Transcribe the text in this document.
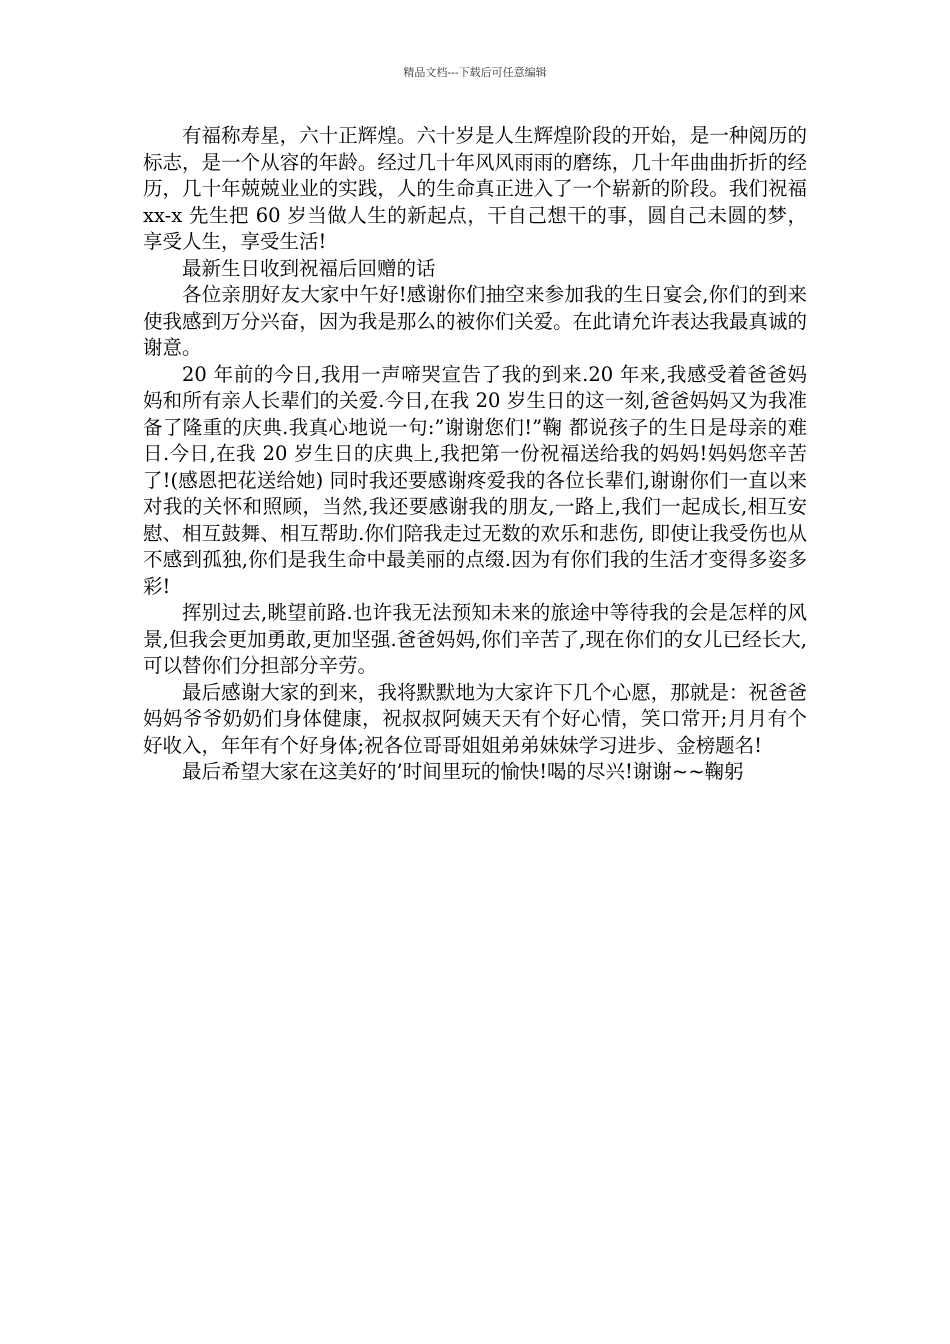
精品文档---下载后可任意编辑

有福称寿星，六十正辉煌。六十岁是人生辉煌阶段的开始，是一种阅历的标志，是一个从容的年龄。经过几十年风风雨雨的磨练，几十年曲曲折折的经历，几十年兢兢业业的实践，人的生命真正进入了一个崭新的阶段。我们祝福 xx-x 先生把 60 岁当做人生的新起点，干自己想干的事，圆自己未圆的梦，享受人生，享受生活!

最新生日收到祝福后回赠的话

各位亲朋好友大家中午好!感谢你们抽空来参加我的生日宴会,你们的到来使我感到万分兴奋，因为我是那么的被你们关爱。在此请允许表达我最真诚的谢意。

20 年前的今日,我用一声啼哭宣告了我的到来.20 年来,我感受着爸爸妈妈和所有亲人长辈们的关爱.今日,在我 20 岁生日的这一刻,爸爸妈妈又为我准备了隆重的庆典.我真心地说一句:”谢谢您们!”鞠 都说孩子的生日是母亲的难日.今日,在我 20 岁生日的庆典上,我把第一份祝福送给我的妈妈!妈妈您辛苦了!(感恩把花送给她) 同时我还要感谢疼爱我的各位长辈们,谢谢你们一直以来对我的关怀和照顾，当然,我还要感谢我的朋友,一路上,我们一起成长,相互安慰、相互鼓舞、相互帮助.你们陪我走过无数的欢乐和悲伤, 即使让我受伤也从不感到孤独,你们是我生命中最美丽的点缀.因为有你们我的生活才变得多姿多彩!

挥别过去,眺望前路.也许我无法预知未来的旅途中等待我的会是怎样的风景,但我会更加勇敢,更加坚强.爸爸妈妈,你们辛苦了,现在你们的女儿已经长大,可以替你们分担部分辛劳。

最后感谢大家的到来，我将默默地为大家许下几个心愿，那就是：祝爸爸妈妈爷爷奶奶们身体健康，祝叔叔阿姨天天有个好心情，笑口常开;月月有个好收入，年年有个好身体;祝各位哥哥姐姐弟弟妹妹学习进步、金榜题名!

最后希望大家在这美好的’时间里玩的愉快!喝的尽兴!谢谢~~鞠躬
